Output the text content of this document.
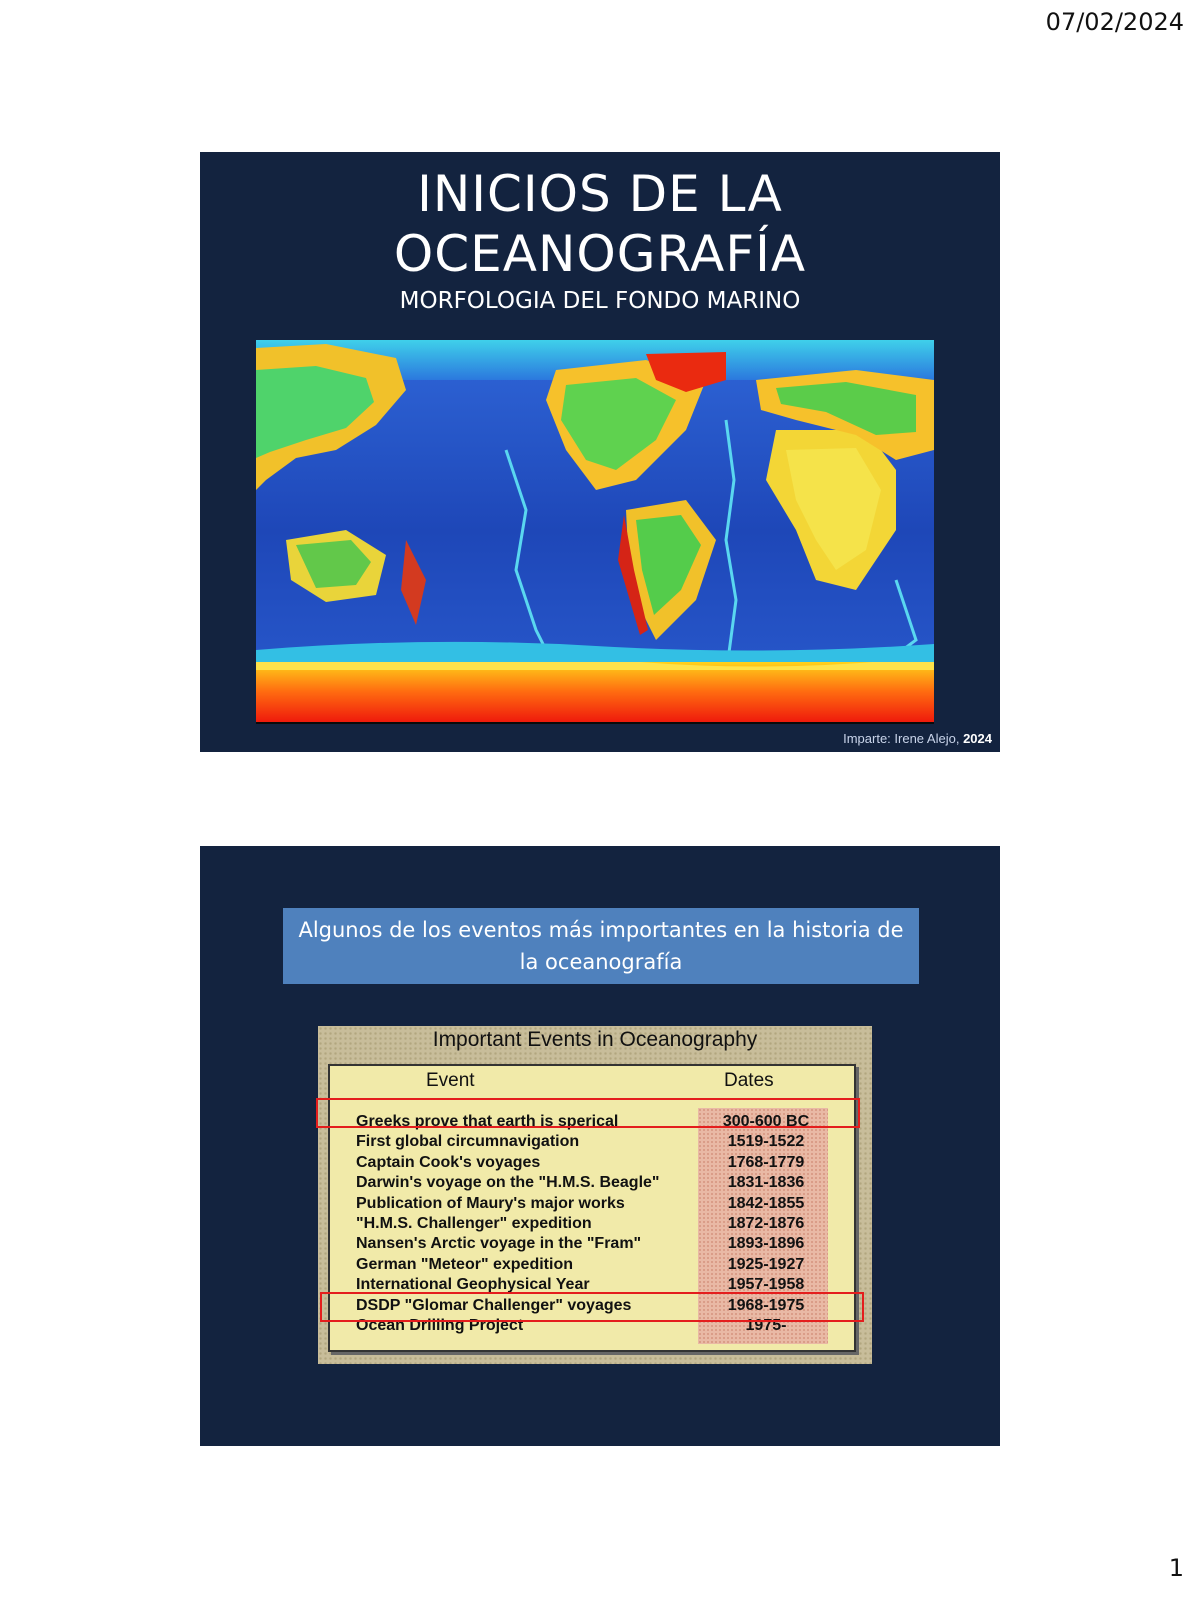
07/02/2024
INICIOS DE LA
OCEANOGRAFÍA
MORFOLOGIA DEL FONDO MARINO
Imparte: Irene Alejo, 2024
Algunos de los eventos más importantes en la historia de la oceanografía
Important Events in Oceanography
Event	Dates
Greeks prove that earth is sperical	300-600 BC
First global circumnavigation	1519-1522
Captain Cook's voyages	1768-1779
Darwin's voyage on the "H.M.S. Beagle"	1831-1836
Publication of Maury's major works	1842-1855
"H.M.S. Challenger" expedition	1872-1876
Nansen's Arctic voyage in the "Fram"	1893-1896
German "Meteor" expedition	1925-1927
International Geophysical Year	1957-1958
DSDP "Glomar Challenger" voyages	1968-1975
Ocean Drilling Project	1975-
1
